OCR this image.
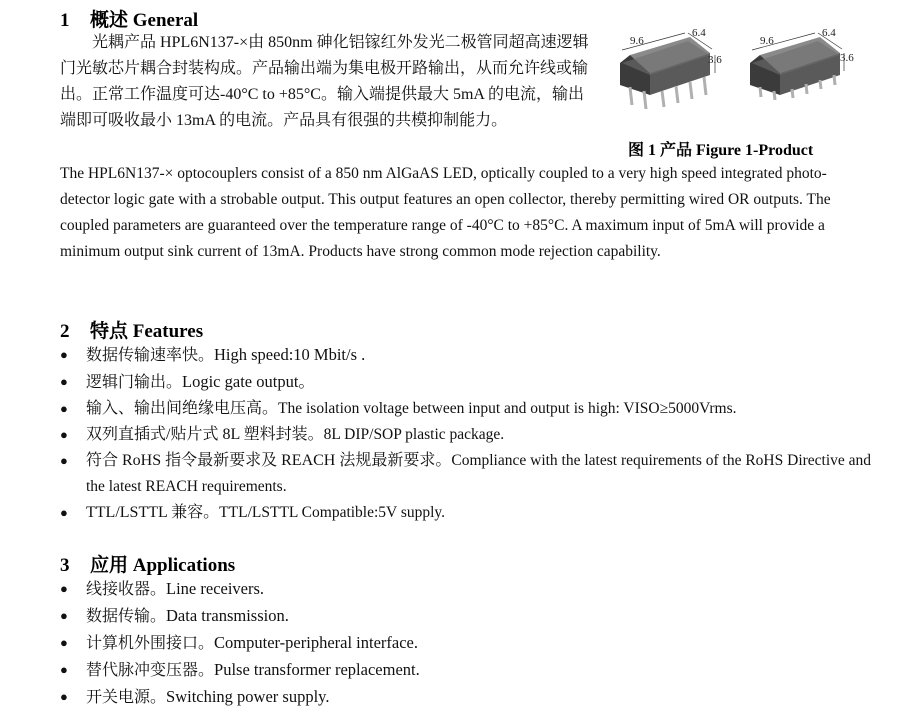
1 概述 General
光耦产品 HPL6N137-×由 850nm 砷化铝镓红外发光二极管同超高速逻辑门光敏芯片耦合封装构成。产品输出端为集电极开路输出，从而允许线或输出。正常工作温度可达-40°C to +85°C。输入端提供最大 5mA 的电流，输出端即可吸收最小 13mA 的电流。产品具有很强的共模抑制能力。
9.6
6.4
3.6
9.6
6.4
3.6
图 1 产品 Figure 1-Product
The HPL6N137-× optocouplers consist of a 850 nm AlGaAS LED, optically coupled to a very high speed integrated photo-detector logic gate with a strobable output. This output features an open collector, thereby permitting wired OR outputs. The coupled parameters are guaranteed over the temperature range of -40°C to +85°C. A maximum input of 5mA will provide a minimum output sink current of 13mA. Products have strong common mode rejection capability.
2 特点 Features
●	数据传输速率快。High speed:10 Mbit/s .
●	逻辑门输出。Logic gate output。
●	输入、输出间绝缘电压高。The isolation voltage between input and output is high: VISO≥5000Vrms.
●	双列直插式/贴片式 8L 塑料封装。8L DIP/SOP plastic package.
●	符合 RoHS 指令最新要求及 REACH 法规最新要求。Compliance with the latest requirements of the RoHS Directive and the latest REACH requirements.
●	TTL/LSTTL 兼容。TTL/LSTTL Compatible:5V supply.
3 应用 Applications
●	线接收器。Line receivers.
●	数据传输。Data transmission.
●	计算机外围接口。Computer-peripheral interface.
●	替代脉冲变压器。Pulse transformer replacement.
●	开关电源。Switching power supply.
